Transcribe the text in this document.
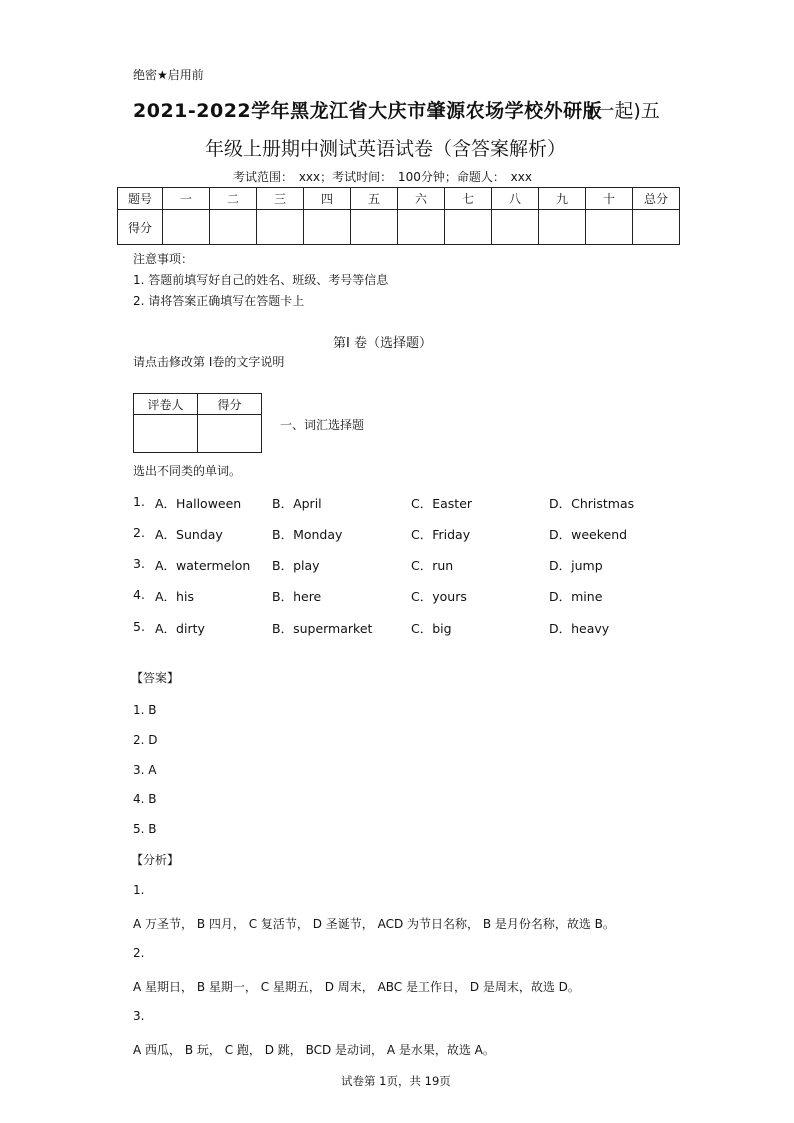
绝密★启用前
2021-2022学年黑龙江省大庆市肇源农场学校外研版
(一起)五
年级上册期中测试英语试卷（含答案解析）
考试范围： xxx；考试时间： 100分钟；命题人： xxx
题号	一	二	三	四	五	六	七	八	九	十	总分
得分											
注意事项：
1. 答题前填写好自己的姓名、班级、考号等信息
2. 请将答案正确填写在答题卡上
第Ⅰ 卷（选择题）
请点击修改第 Ⅰ卷的文字说明
评卷人	得分

一、词汇选择题
选出不同类的单词。
1. A．Halloween B．April	C．Easter	D．Christmas
2. A．Sunday	B．Monday	C．Friday	D．weekend
3. A．watermelon B．play	C．run	D．jump
4. A．his	B．here	C．yours	D．mine
5. A．dirty	B．supermarket	C．big	D．heavy
【答案】
1. B
2. D
3. A
4. B
5. B
【分析】
1.
A 万圣节， B 四月， C 复活节， D 圣诞节， ACD 为节日名称， B 是月份名称，故选 B。
2.
A 星期日， B 星期一， C 星期五， D 周末， ABC 是工作日， D 是周末，故选 D。
3.
A 西瓜， B 玩， C 跑， D 跳， BCD 是动词， A 是水果，故选 A。
试卷第 1页，共 19页
